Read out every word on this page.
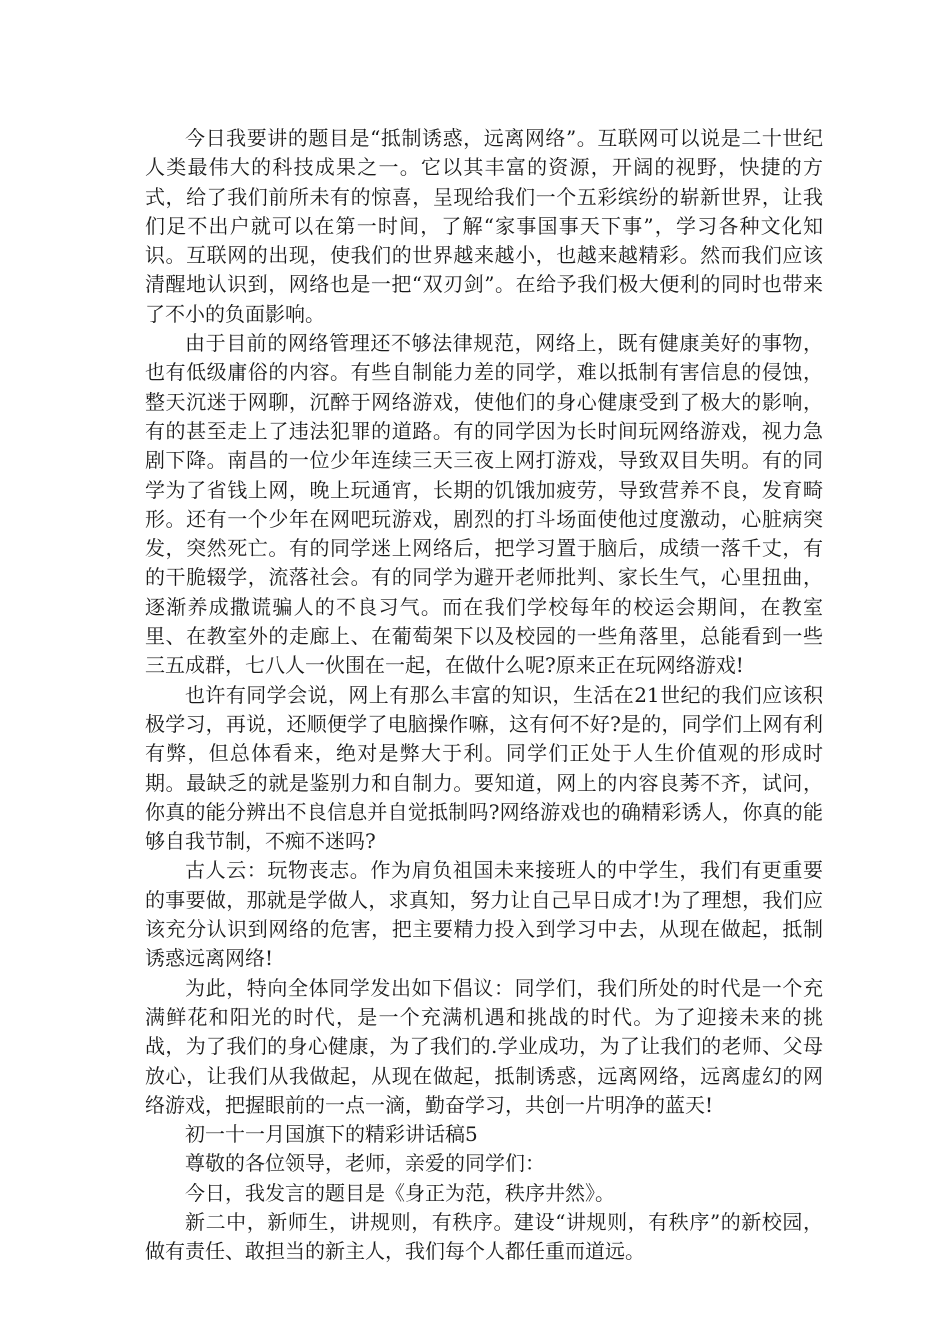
今日我要讲的题目是“抵制诱惑，远离网络”。互联网可以说是二十世纪人类最伟大的科技成果之一。它以其丰富的资源，开阔的视野，快捷的方式，给了我们前所未有的惊喜，呈现给我们一个五彩缤纷的崭新世界，让我们足不出户就可以在第一时间，了解“家事国事天下事”，学习各种文化知识。互联网的出现，使我们的世界越来越小，也越来越精彩。然而我们应该清醒地认识到，网络也是一把“双刃剑”。在给予我们极大便利的同时也带来了不小的负面影响。

由于目前的网络管理还不够法律规范，网络上，既有健康美好的事物，也有低级庸俗的内容。有些自制能力差的同学，难以抵制有害信息的侵蚀，整天沉迷于网聊，沉醉于网络游戏，使他们的身心健康受到了极大的影响，有的甚至走上了违法犯罪的道路。有的同学因为长时间玩网络游戏，视力急剧下降。南昌的一位少年连续三天三夜上网打游戏，导致双目失明。有的同学为了省钱上网，晚上玩通宵，长期的饥饿加疲劳，导致营养不良，发育畸形。还有一个少年在网吧玩游戏，剧烈的打斗场面使他过度激动，心脏病突发，突然死亡。有的同学迷上网络后，把学习置于脑后，成绩一落千丈，有的干脆辍学，流落社会。有的同学为避开老师批判、家长生气，心里扭曲，逐渐养成撒谎骗人的不良习气。而在我们学校每年的校运会期间，在教室里、在教室外的走廊上、在葡萄架下以及校园的一些角落里，总能看到一些三五成群，七八人一伙围在一起，在做什么呢?原来正在玩网络游戏!

也许有同学会说，网上有那么丰富的知识，生活在21世纪的我们应该积极学习，再说，还顺便学了电脑操作嘛，这有何不好?是的，同学们上网有利有弊，但总体看来，绝对是弊大于利。同学们正处于人生价值观的形成时期。最缺乏的就是鉴别力和自制力。要知道，网上的内容良莠不齐，试问，你真的能分辨出不良信息并自觉抵制吗?网络游戏也的确精彩诱人，你真的能够自我节制，不痴不迷吗?

古人云：玩物丧志。作为肩负祖国未来接班人的中学生，我们有更重要的事要做，那就是学做人，求真知，努力让自己早日成才!为了理想，我们应该充分认识到网络的危害，把主要精力投入到学习中去，从现在做起，抵制诱惑远离网络!

为此，特向全体同学发出如下倡议：同学们，我们所处的时代是一个充满鲜花和阳光的时代，是一个充满机遇和挑战的时代。为了迎接未来的挑战，为了我们的身心健康，为了我们的.学业成功，为了让我们的老师、父母放心，让我们从我做起，从现在做起，抵制诱惑，远离网络，远离虚幻的网络游戏，把握眼前的一点一滴，勤奋学习，共创一片明净的蓝天!

初一十一月国旗下的精彩讲话稿5

尊敬的各位领导，老师，亲爱的同学们：

今日，我发言的题目是《身正为范，秩序井然》。

新二中，新师生，讲规则，有秩序。建设“讲规则，有秩序”的新校园，做有责任、敢担当的新主人，我们每个人都任重而道远。
